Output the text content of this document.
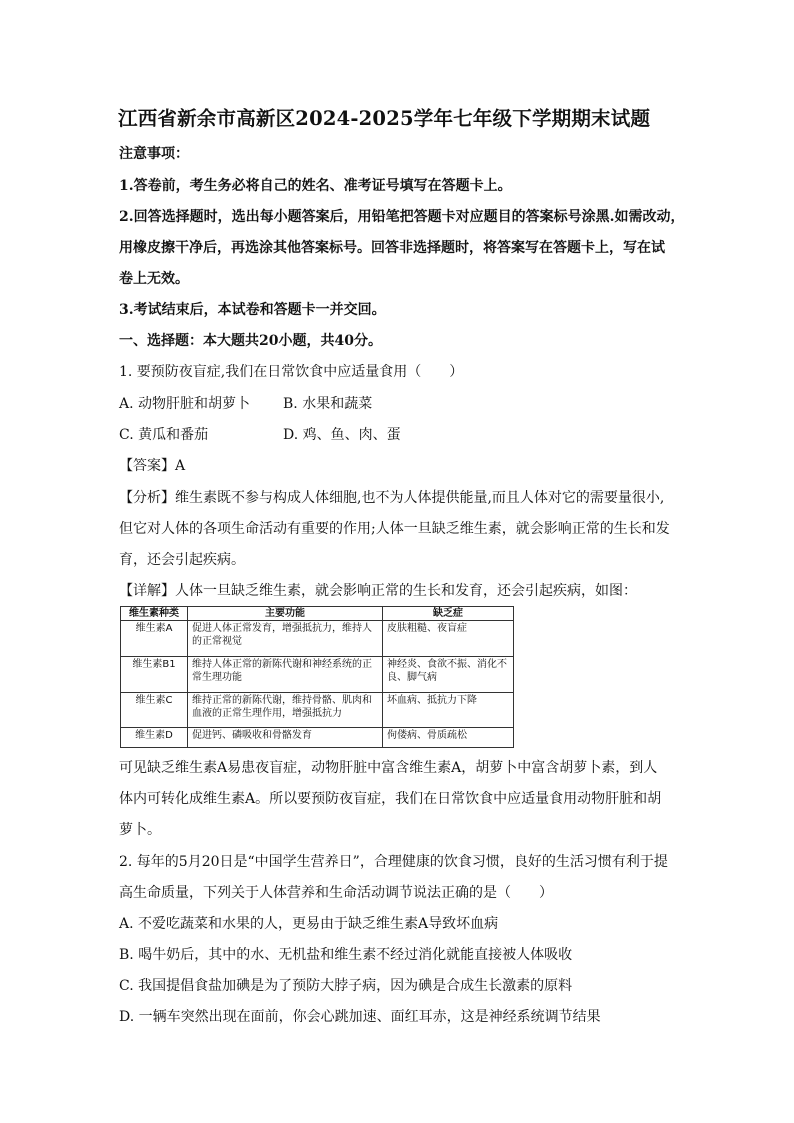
江西省新余市高新区2024-2025学年七年级下学期期末试题
注意事项：
1.答卷前，考生务必将自己的姓名、准考证号填写在答题卡上。
2.回答选择题时，选出每小题答案后，用铅笔把答题卡对应题目的答案标号涂黑.如需改动，
用橡皮擦干净后，再选涂其他答案标号。回答非选择题时，将答案写在答题卡上，写在试
卷上无效。
3.考试结束后，本试卷和答题卡一并交回。
一、选择题：本大题共20小题，共40分。
1. 要预防夜盲症,我们在日常饮食中应适量食用（　　）
A. 动物肝脏和胡萝卜 B. 水果和蔬菜
C. 黄瓜和番茄	D. 鸡、鱼、肉、蛋
【答案】A
【分析】维生素既不参与构成人体细胞,也不为人体提供能量,而且人体对它的需要量很小,
但它对人体的各项生命活动有重要的作用;人体一旦缺乏维生素，就会影响正常的生长和发
育，还会引起疾病。
【详解】人体一旦缺乏维生素，就会影响正常的生长和发育，还会引起疾病，如图：
维生素种类	主要功能	缺乏症
维生素A	促进人体正常发育，增强抵抗力，维持人的正常视觉	皮肤粗糙、夜盲症
维生素B1	维持人体正常的新陈代谢和神经系统的正常生理功能	神经炎、食欲不振、消化不良、脚气病
维生素C	维持正常的新陈代谢，维持骨骼、肌肉和血液的正常生理作用，增强抵抗力	坏血病、抵抗力下降
维生素D	促进钙、磷吸收和骨骼发育	佝偻病、骨质疏松
可见缺乏维生素A易患夜盲症，动物肝脏中富含维生素A，胡萝卜中富含胡萝卜素，到人
体内可转化成维生素A。所以要预防夜盲症，我们在日常饮食中应适量食用动物肝脏和胡
萝卜。
2. 每年的5月20日是“中国学生营养日”，合理健康的饮食习惯，良好的生活习惯有利于提
高生命质量，下列关于人体营养和生命活动调节说法正确的是（　　）
A. 不爱吃蔬菜和水果的人，更易由于缺乏维生素A导致坏血病
B. 喝牛奶后，其中的水、无机盐和维生素不经过消化就能直接被人体吸收
C. 我国提倡食盐加碘是为了预防大脖子病，因为碘是合成生长激素的原料
D. 一辆车突然出现在面前，你会心跳加速、面红耳赤，这是神经系统调节结果
